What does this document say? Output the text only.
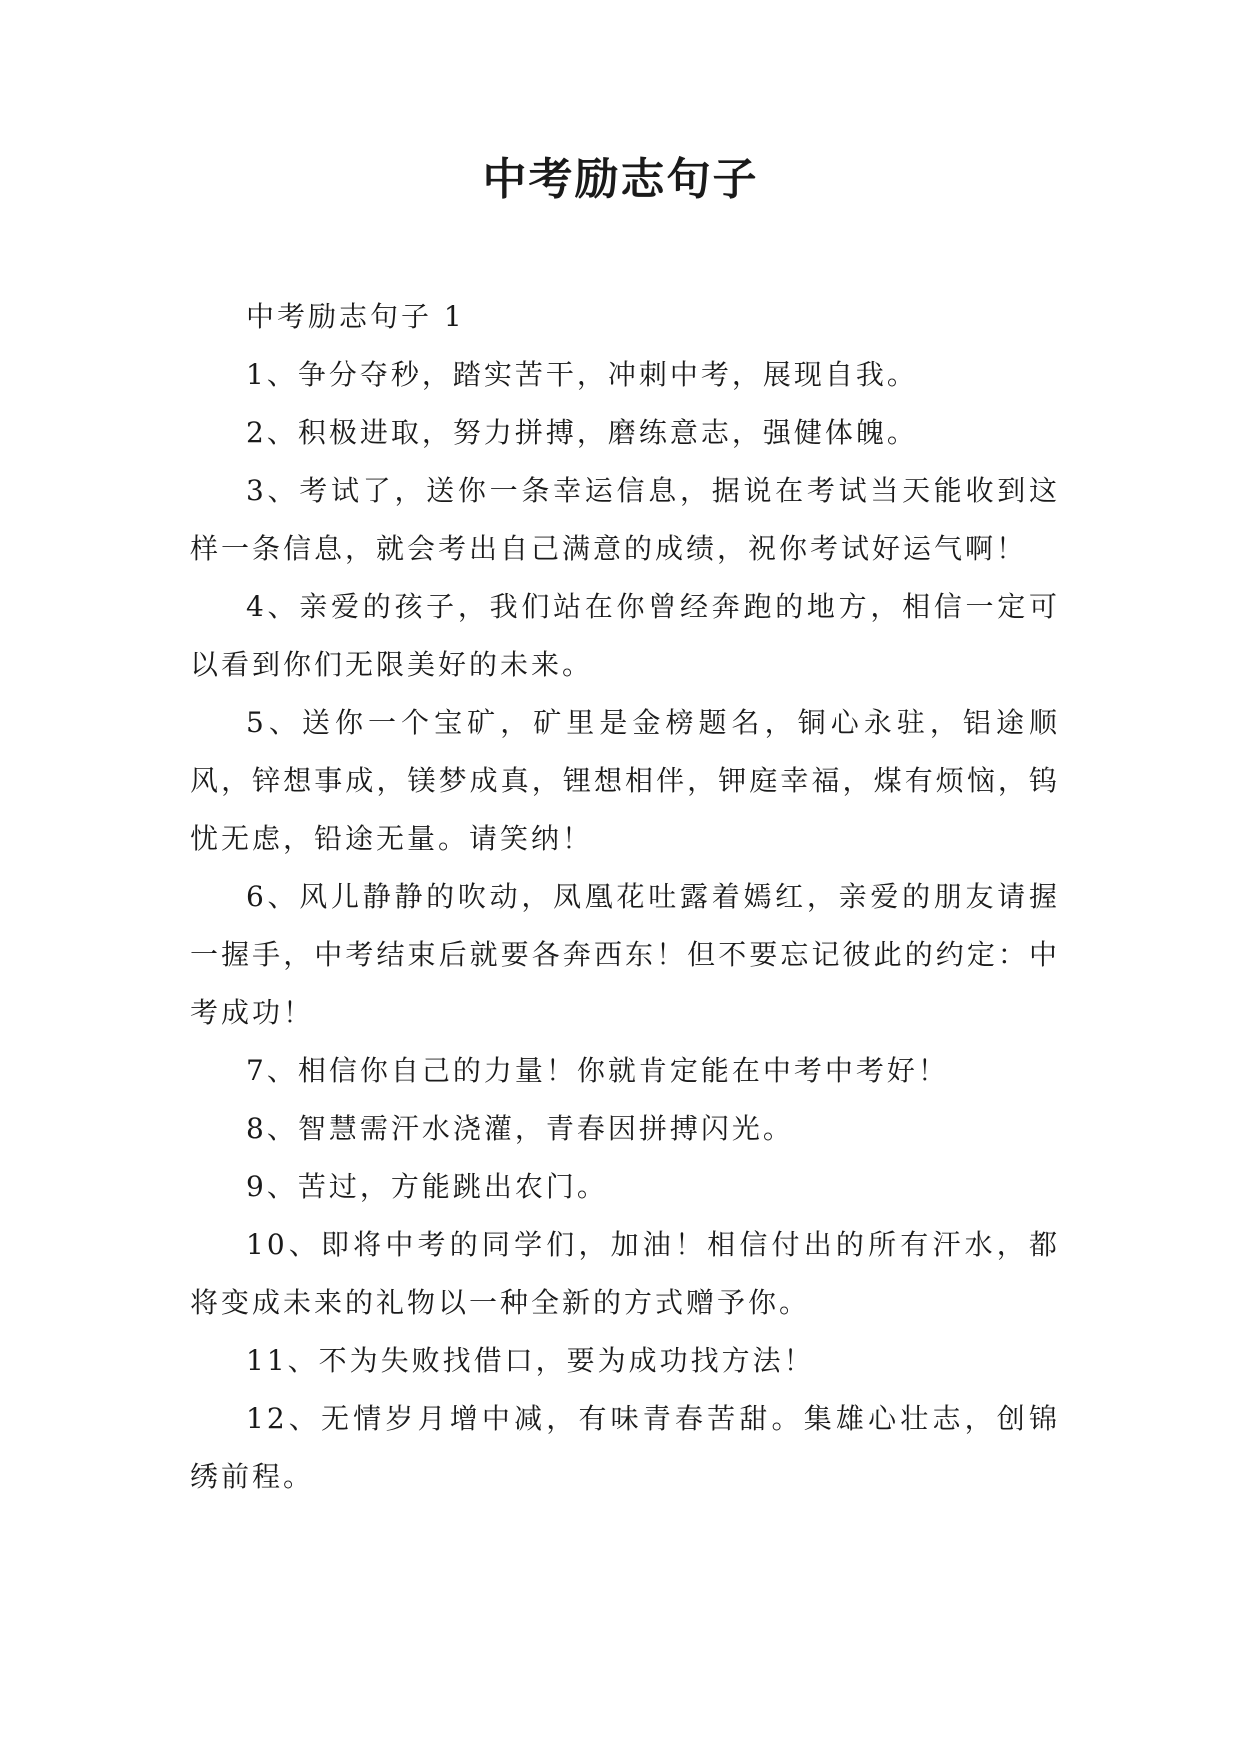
中考励志句子

中考励志句子 1

1、争分夺秒，踏实苦干，冲刺中考，展现自我。

2、积极进取，努力拼搏，磨练意志，强健体魄。

3、考试了，送你一条幸运信息，据说在考试当天能收到这样一条信息，就会考出自己满意的成绩，祝你考试好运气啊！

4、亲爱的孩子，我们站在你曾经奔跑的地方，相信一定可以看到你们无限美好的未来。

5、送你一个宝矿，矿里是金榜题名，铜心永驻，铝途顺风，锌想事成，镁梦成真，锂想相伴，钾庭幸福，煤有烦恼，钨忧无虑，铅途无量。请笑纳！

6、风儿静静的吹动，凤凰花吐露着嫣红，亲爱的朋友请握一握手，中考结束后就要各奔西东！但不要忘记彼此的约定：中考成功！

7、相信你自己的力量！你就肯定能在中考中考好！

8、智慧需汗水浇灌，青春因拼搏闪光。

9、苦过，方能跳出农门。

10、即将中考的同学们，加油！相信付出的所有汗水，都将变成未来的礼物以一种全新的方式赠予你。

11、不为失败找借口，要为成功找方法！

12、无情岁月增中减，有味青春苦甜。集雄心壮志，创锦绣前程。
